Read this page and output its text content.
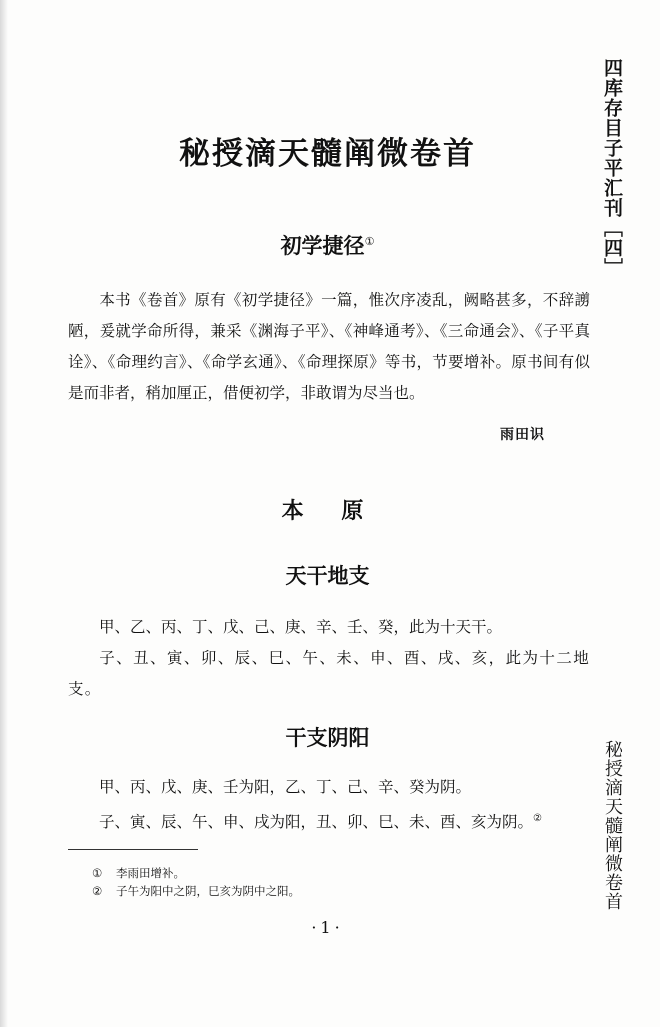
四库存目子平汇刊［四］
秘授滴天髓阐微卷首
初学捷径①

本书《卷首》原有《初学捷径》一篇，惟次序凌乱，阙略甚多，不辞謭陋，爰就学命所得，兼采《渊海子平》、《神峰通考》、《三命通会》、《子平真诠》、《命理约言》、《命学玄通》、《命理探原》等书，节要增补。原书间有似是而非者，稍加厘正，借便初学，非敢谓为尽当也。

雨田识
本 原
天干地支

甲、乙、丙、丁、戊、己、庚、辛、壬、癸，此为十天干。

子、丑、寅、卯、辰、巳、午、未、申、酉、戌、亥，此为十二地支。

干支阴阳

甲、丙、戊、庚、壬为阳，乙、丁、己、辛、癸为阴。

子、寅、辰、午、申、戌为阳，丑、卯、巳、未、酉、亥为阴。②

① 李雨田增补。

② 子午为阳中之阴，巳亥为阴中之阳。

·1·
秘授滴天髓阐微卷首
